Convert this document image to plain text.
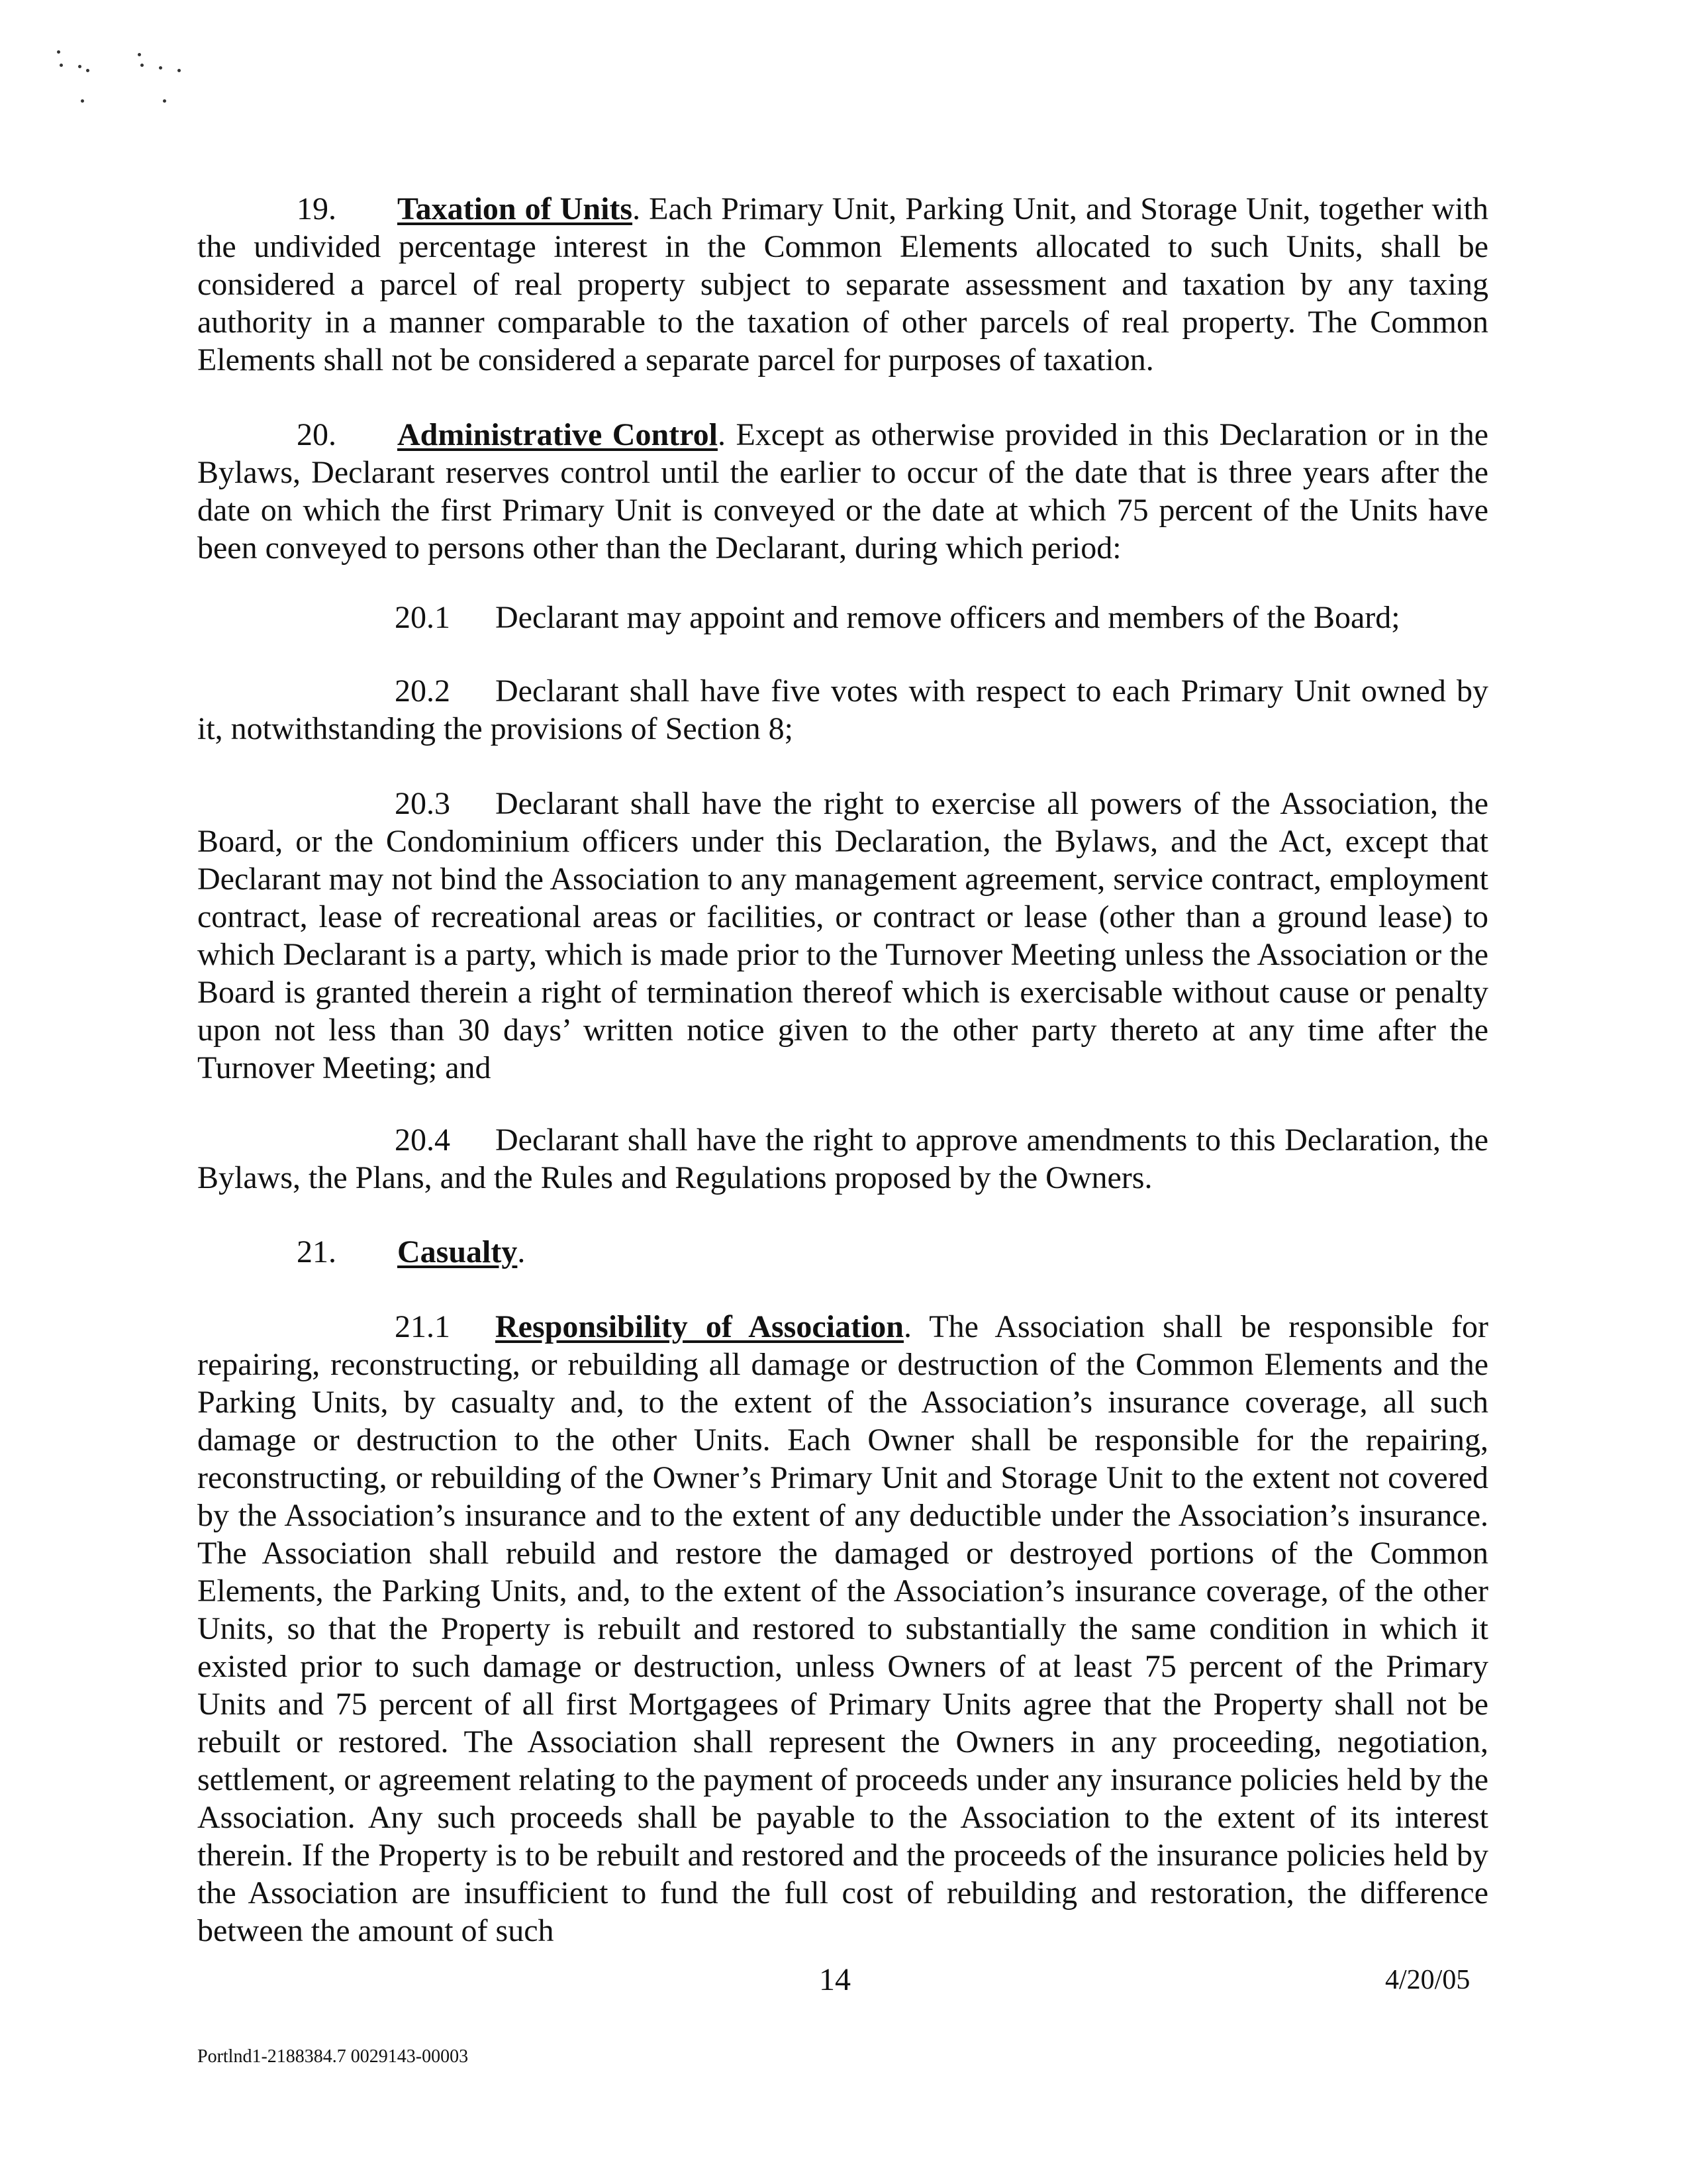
19. Taxation of Units. Each Primary Unit, Parking Unit, and Storage Unit, together with the undivided percentage interest in the Common Elements allocated to such Units, shall be considered a parcel of real property subject to separate assessment and taxation by any taxing authority in a manner comparable to the taxation of other parcels of real property. The Common Elements shall not be considered a separate parcel for purposes of taxation.

20. Administrative Control. Except as otherwise provided in this Declaration or in the Bylaws, Declarant reserves control until the earlier to occur of the date that is three years after the date on which the first Primary Unit is conveyed or the date at which 75 percent of the Units have been conveyed to persons other than the Declarant, during which period:

20.1 Declarant may appoint and remove officers and members of the Board;

20.2 Declarant shall have five votes with respect to each Primary Unit owned by it, notwithstanding the provisions of Section 8;

20.3 Declarant shall have the right to exercise all powers of the Association, the Board, or the Condominium officers under this Declaration, the Bylaws, and the Act, except that Declarant may not bind the Association to any management agreement, service contract, employment contract, lease of recreational areas or facilities, or contract or lease (other than a ground lease) to which Declarant is a party, which is made prior to the Turnover Meeting unless the Association or the Board is granted therein a right of termination thereof which is exercisable without cause or penalty upon not less than 30 days’ written notice given to the other party thereto at any time after the Turnover Meeting; and

20.4 Declarant shall have the right to approve amendments to this Declaration, the Bylaws, the Plans, and the Rules and Regulations proposed by the Owners.

21. Casualty.

21.1 Responsibility of Association. The Association shall be responsible for repairing, reconstructing, or rebuilding all damage or destruction of the Common Elements and the Parking Units, by casualty and, to the extent of the Association’s insurance coverage, all such damage or destruction to the other Units. Each Owner shall be responsible for the repairing, reconstructing, or rebuilding of the Owner’s Primary Unit and Storage Unit to the extent not covered by the Association’s insurance and to the extent of any deductible under the Association’s insurance. The Association shall rebuild and restore the damaged or destroyed portions of the Common Elements, the Parking Units, and, to the extent of the Association’s insurance coverage, of the other Units, so that the Property is rebuilt and restored to substantially the same condition in which it existed prior to such damage or destruction, unless Owners of at least 75 percent of the Primary Units and 75 percent of all first Mortgagees of Primary Units agree that the Property shall not be rebuilt or restored. The Association shall represent the Owners in any proceeding, negotiation, settlement, or agreement relating to the payment of proceeds under any insurance policies held by the Association. Any such proceeds shall be payable to the Association to the extent of its interest therein. If the Property is to be rebuilt and restored and the proceeds of the insurance policies held by the Association are insufficient to fund the full cost of rebuilding and restoration, the difference between the amount of such

14	4/20/05
Portlnd1-2188384.7 0029143-00003
